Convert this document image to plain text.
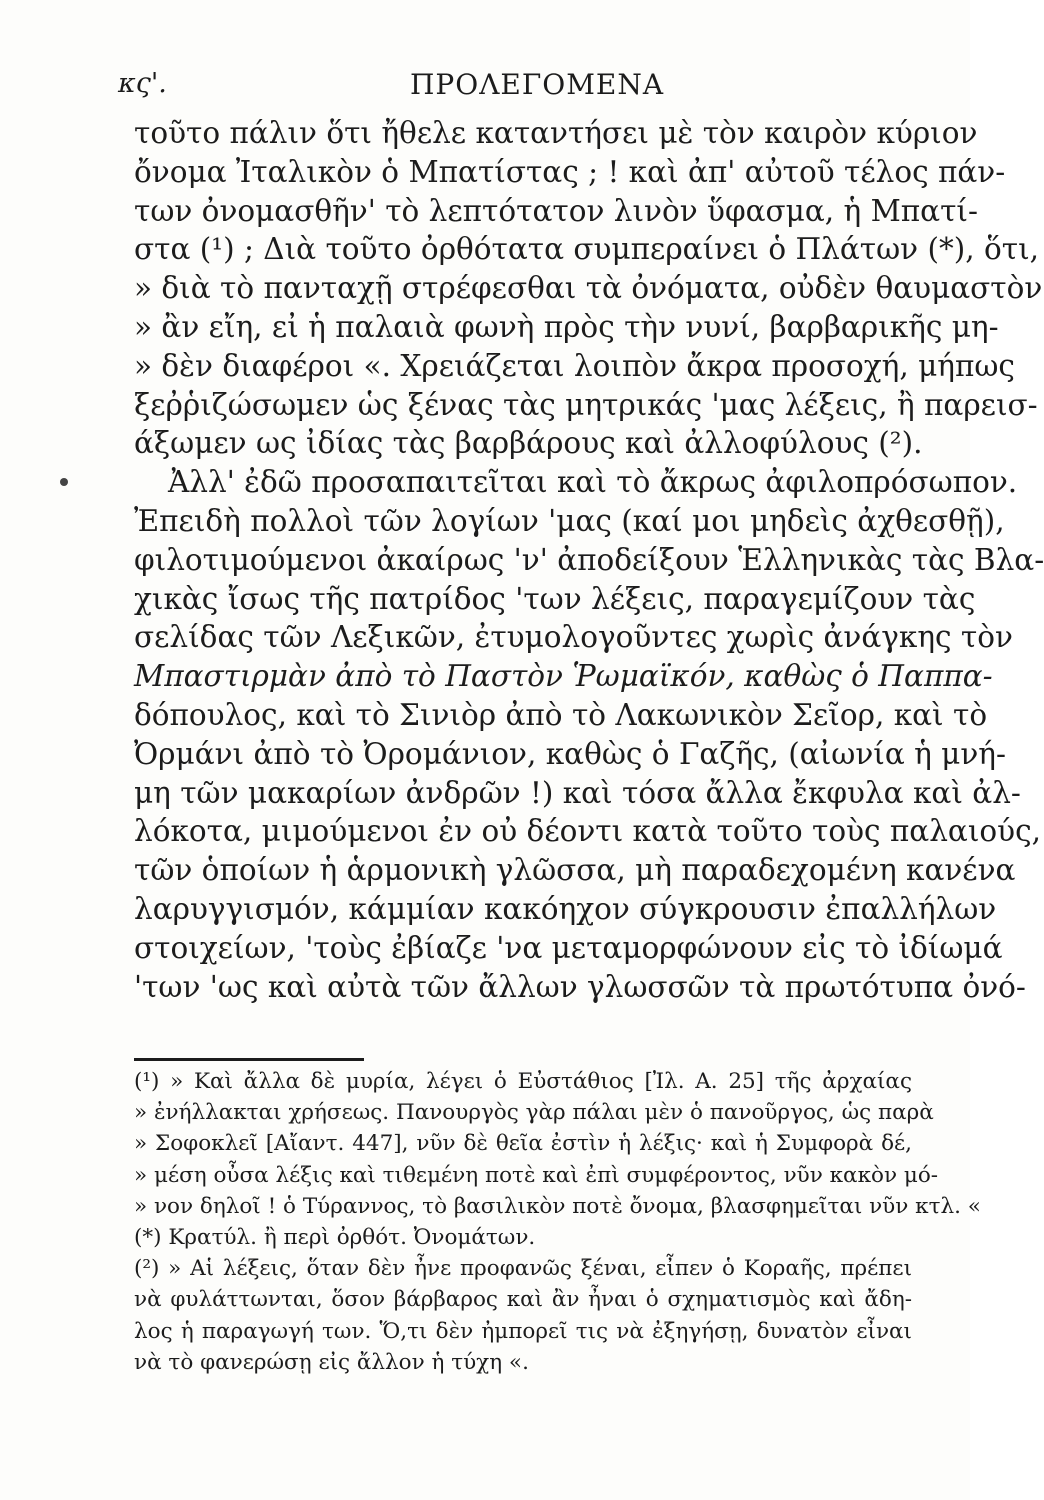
κς'.	ΠΡΟΛΕΓΟΜΕΝΑ
τοῦτο πάλιν ὅτι ἤθελε καταντήσει μὲ τὸν καιρὸν κύριον
ὄνομα Ἰταλικὸν ὁ Μπατίστας ; ! καὶ ἀπ' αὐτοῦ τέλος πάν-
των ὀνομασθῆν' τὸ λεπτότατον λινὸν ὕφασμα, ἡ Μπατί-
στα (¹) ; Διὰ τοῦτο ὀρθότατα συμπεραίνει ὁ Πλάτων (*), ὅτι,
» διὰ τὸ πανταχῇ στρέφεσθαι τὰ ὀνόματα, οὐδὲν θαυμαστὸν
» ἂν εἴη, εἰ ἡ παλαιὰ φωνὴ πρὸς τὴν νυνί, βαρβαρικῆς μη-
» δὲν διαφέροι «. Χρειάζεται λοιπὸν ἄκρα προσοχή, μήπως
ξεῤῥιζώσωμεν ὡς ξένας τὰς μητρικάς 'μας λέξεις, ἢ παρεισ-
άξωμεν ως ἰδίας τὰς βαρβάρους καὶ ἀλλοφύλους (²).
Ἀλλ' ἐδῶ προσαπαιτεῖται καὶ τὸ ἄκρως ἀφιλοπρόσωπον.
Ἐπειδὴ πολλοὶ τῶν λογίων 'μας (καί μοι μηδεὶς ἀχθεσθῇ),
φιλοτιμούμενοι ἀκαίρως 'ν' ἀποδείξουν Ἑλληνικὰς τὰς Βλα-
χικὰς ἴσως τῆς πατρίδος 'των λέξεις, παραγεμίζουν τὰς
σελίδας τῶν Λεξικῶν, ἐτυμολογοῦντες χωρὶς ἀνάγκης τὸν
Μπαστιρμὰν ἀπὸ τὸ Παστὸν Ῥωμαϊκόν, καθὼς ὁ Παππα-
δόπουλος, καὶ τὸ Σινιὸρ ἀπὸ τὸ Λακωνικὸν Σεῖορ, καὶ τὸ
Ὀρμάνι ἀπὸ τὸ Ὀρομάνιον, καθὼς ὁ Γαζῆς, (αἰωνία ἡ μνή-
μη τῶν μακαρίων ἀνδρῶν !) καὶ τόσα ἄλλα ἔκφυλα καὶ ἀλ-
λόκοτα, μιμούμενοι ἐν οὐ δέοντι κατὰ τοῦτο τοὺς παλαιούς,
τῶν ὁποίων ἡ ἁρμονικὴ γλῶσσα, μὴ παραδεχομένη κανένα
λαρυγγισμόν, κάμμίαν κακόηχον σύγκρουσιν ἐπαλλήλων
στοιχείων, 'τοὺς ἐβίαζε 'να μεταμορφώνουν εἰς τὸ ἰδίωμά
'των 'ως καὶ αὐτὰ τῶν ἄλλων γλωσσῶν τὰ πρωτότυπα ὀνό-
(¹) » Καὶ ἄλλα δὲ μυρία, λέγει ὁ Εὐστάθιος [Ἰλ. Α. 25] τῆς ἀρχαίας
» ἐνήλλακται χρήσεως. Πανουργὸς γὰρ πάλαι μὲν ὁ πανοῦργος, ὡς παρὰ
» Σοφοκλεῖ [Αἴαντ. 447], νῦν δὲ θεῖα ἐστὶν ἡ λέξις· καὶ ἡ Συμφορὰ δέ,
» μέση οὖσα λέξις καὶ τιθεμένη ποτὲ καὶ ἐπὶ συμφέροντος, νῦν κακὸν μό-
» νον δηλοῖ ! ὁ Τύραννος, τὸ βασιλικὸν ποτὲ ὄνομα, βλασφημεῖται νῦν κτλ. «
(*) Κρατύλ. ἢ περὶ ὀρθότ. Ὀνομάτων.
(²) » Αἱ λέξεις, ὅταν δὲν ἦνε προφανῶς ξέναι, εἶπεν ὁ Κοραῆς, πρέπει
νὰ φυλάττωνται, ὅσον βάρβαρος καὶ ἂν ἦναι ὁ σχηματισμὸς καὶ ἄδη-
λος ἡ παραγωγή των. Ὅ,τι δὲν ἠμπορεῖ τις νὰ ἐξηγήσῃ, δυνατὸν εἶναι
νὰ τὸ φανερώσῃ εἰς ἄλλον ἡ τύχη «.
